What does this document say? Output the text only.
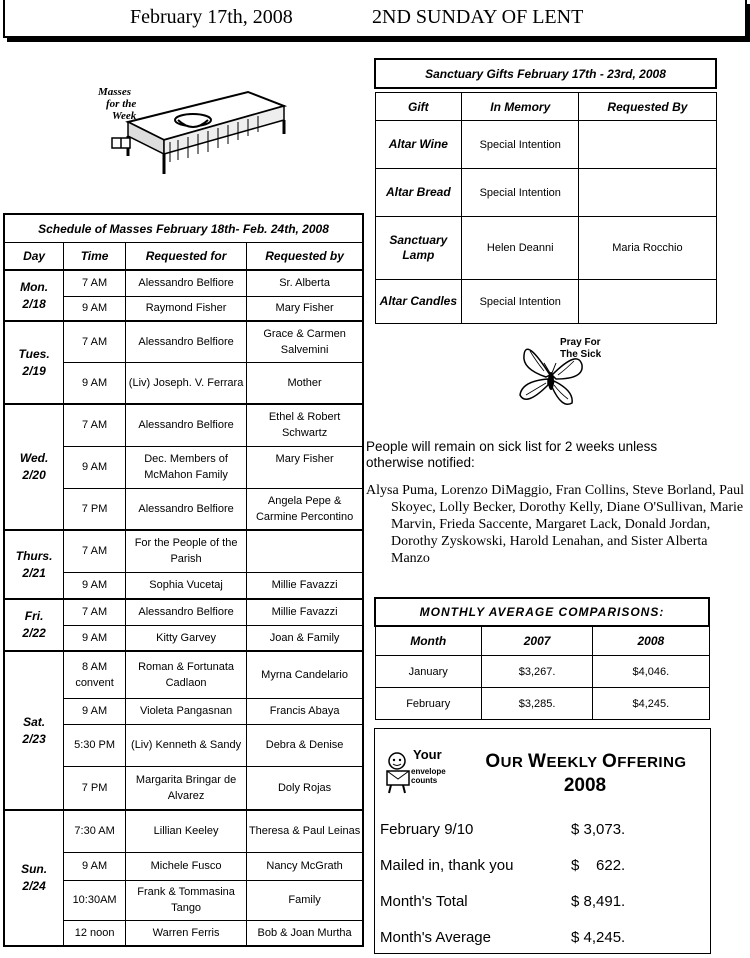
February 17th, 2008	2ND SUNDAY OF LENT
Masses
for the
Week
Schedule of Masses February 18th- Feb. 24th, 2008			
Day	Time	Requested for	Requested by
Mon.
2/18	7 AM	Alessandro Belfiore	Sr. Alberta
	9 AM	Raymond Fisher	Mary Fisher
Tues.
2/19	7 AM	Alessandro Belfiore	Grace & Carmen Salvemini
	9 AM	(Liv) Joseph. V. Ferrara	Mother
Wed.
2/20	7 AM	Alessandro Belfiore	Ethel & Robert Schwartz
	9 AM	Dec. Members of McMahon Family	Mary Fisher
	7 PM	Alessandro Belfiore	Angela Pepe & Carmine Percontino
Thurs.
2/21	7 AM	For the People of the Parish	
	9 AM	Sophia Vucetaj	Millie Favazzi
Fri.
2/22	7 AM	Alessandro Belfiore	Millie Favazzi
	9 AM	Kitty Garvey	Joan & Family
Sat.
2/23	8 AM convent	Roman & Fortunata Cadlaon	Myrna Candelario
	9 AM	Violeta Pangasnan	Francis Abaya
	5:30 PM	(Liv) Kenneth & Sandy	Debra & Denise
	7 PM	Margarita Bringar de Alvarez	Doly Rojas
Sun.
2/24	7:30 AM	Lillian Keeley	Theresa & Paul Leinas
	9 AM	Michele Fusco	Nancy McGrath
	10:30AM	Frank & Tommasina Tango	Family
	12 noon	Warren Ferris	Bob & Joan Murtha
Sanctuary Gifts February 17th - 23rd, 2008		

Gift	In Memory	Requested By
Altar Wine	Special Intention	
Altar Bread	Special Intention	
Sanctuary Lamp	Helen Deanni	Maria Rocchio
Altar Candles	Special Intention	
Pray For
The Sick
People will remain on sick list for 2 weeks unless otherwise notified:
Alysa Puma, Lorenzo DiMaggio, Fran Collins, Steve Borland, Paul Skoyec, Lolly Becker, Dorothy Kelly, Diane O'Sullivan, Marie Marvin, Frieda Saccente, Margaret Lack, Donald Jordan, Dorothy Zyskowski, Harold Lenahan, and Sister Alberta Manzo
MONTHLY AVERAGE COMPARISONS:		
Month	2007	2008
January	$3,267.	$4,046.
February	$3,285.	$4,245.
Your
envelope counts
OUR WEEKLY OFFERING
2008
February 9/10	$ 3,073.
Mailed in, thank you	$    622.
Month's Total	$ 8,491.
Month's Average	$ 4,245.
